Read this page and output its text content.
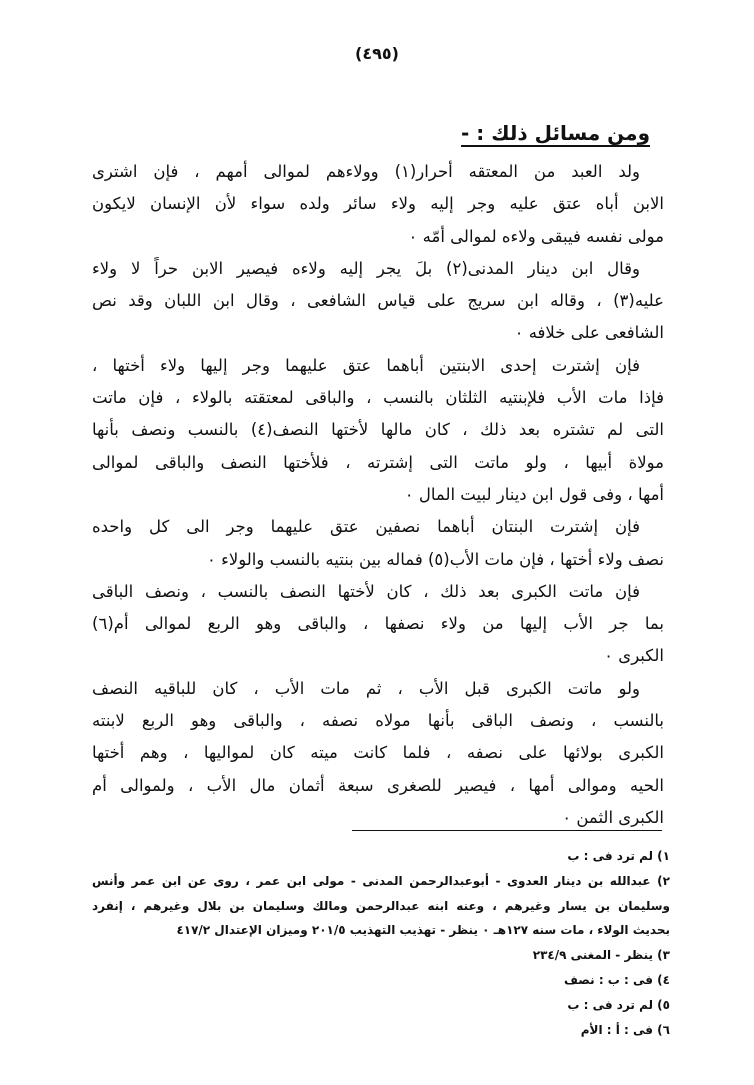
(٤٩٥)
ومن مسائل ذلك : -
ولد العبد من المعتقه أحرار(١) وولاءهم لموالى أمهم ، فإن اشترى
الابن أباه عتق عليه وجر إليه ولاء سائر ولده سواء لأن الإنسان لايكون
مولى نفسه فيبقى ولاءه لموالى أمّه ٠
وقال ابن دينار المدنى(٢) بلَ يجر إليه ولاءه فيصير الابن حراً لا ولاء
عليه(٣) ، وقاله ابن سريج على قياس الشافعى ، وقال ابن اللبان وقد نص
الشافعى على خلافه ٠
فإن إشترت إحدى الابنتين أباهما عتق عليهما وجر إليها ولاء أختها ،
فإذا مات الأب فلإبنتيه الثلثان بالنسب ، والباقى لمعتقته بالولاء ، فإن ماتت
التى لم تشتره بعد ذلك ، كان مالها لأختها النصف(٤) بالنسب ونصف بأنها
مولاة أبيها ، ولو ماتت التى إشترته ، فلأختها النصف والباقى لموالى
أمها ، وفى قول ابن دينار لبيت المال ٠
فإن إشترت البنتان أباهما نصفين عتق عليهما وجر الى كل واحده
نصف ولاء أختها ، فإن مات الأب(٥) فماله بين بنتيه بالنسب والولاء ٠
فإن ماتت الكبرى بعد ذلك ، كان لأختها النصف بالنسب ، ونصف الباقى
بما جر الأب إليها من ولاء نصفها ، والباقى وهو الربع لموالى أم(٦)
الكبرى ٠
ولو ماتت الكبرى قبل الأب ، ثم مات الأب ، كان للباقيه النصف
بالنسب ، ونصف الباقى بأنها مولاه نصفه ، والباقى وهو الربع لابنته
الكبرى بولائها على نصفه ، فلما كانت ميته كان لمواليها ، وهم أختها
الحيه وموالى أمها ، فيصير للصغرى سبعة أثمان مال الأب ، ولموالى أم
الكبرى الثمن ٠
١) لم ترد فى : ب
٢) عبدالله بن دينار العدوى - أبوعبدالرحمن المدنى - مولى ابن عمر ، روى عن ابن عمر وأنس
وسليمان بن يسار وغيرهم ، وعنه ابنه عبدالرحمن ومالك وسليمان بن بلال وغيرهم ، إنفرد
بحديث الولاء ، مات سنه ١٢٧هـ ٠ ينظر - تهذيب التهذيب ٢٠١/٥ وميزان الإعتدال ٤١٧/٢
٣) ينظر - المغنى ٢٣٤/٩
٤) فى : ب : نصف
٥) لم ترد فى : ب
٦) فى : أ : الأم
